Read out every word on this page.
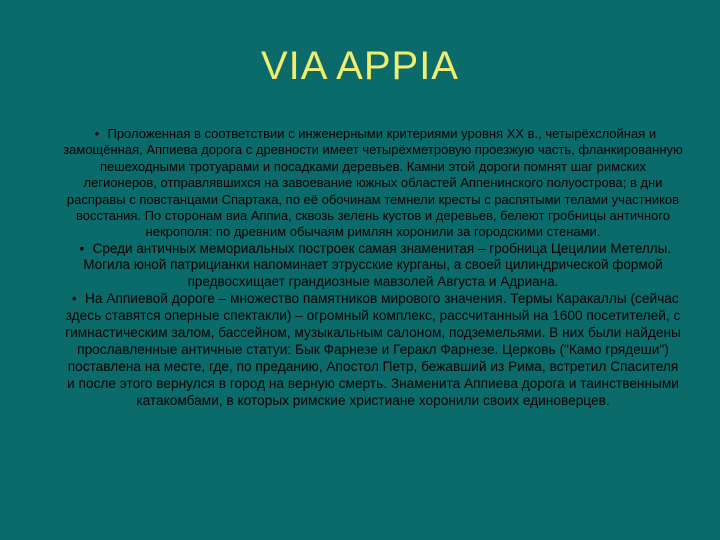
VIA APPIA

• Проложенная в соответствии с инженерными критериями уровня XX в., четырёхслойная и замощённая, Аппиева дорога с древности имеет четырёхметровую проезжую часть, фланкированную пешеходными тротуарами и посадками деревьев. Камни этой дороги помнят шаг римских легионеров, отправлявшихся на завоевание южных областей Аппенинского полуострова; в дни расправы с повстанцами Спартака, по её обочинам темнели кресты с распятыми телами участников восстания. По сторонам виа Аппиа, сквозь зелень кустов и деревьев, белеют гробницы античного некрополя: по древним обычаям римлян хоронили за городскими стенами.

• Среди античных мемориальных построек самая знаменитая – гробница Цецилии Метеллы. Могила юной патрицианки напоминает этрусские курганы, а своей цилиндрической формой предвосхищает грандиозные мавзолей Августа и Адриана.

• На Аппиевой дороге – множество памятников мирового значения. Термы Каракаллы (сейчас здесь ставятся оперные спектакли) – огромный комплекс, рассчитанный на 1600 посетителей, с гимнастическим залом, бассейном, музыкальным салоном, подземельями. В них были найдены прославленные античные статуи: Бык Фарнезе и Геракл Фарнезе. Церковь ("Камо грядеши") поставлена на месте, где, по преданию, Апостол Петр, бежавший из Рима, встретил Спасителя и после этого вернулся в город на верную смерть. Знаменита Аппиева дорога и таинственными катакомбами, в которых римские христиане хоронили своих единоверцев.
